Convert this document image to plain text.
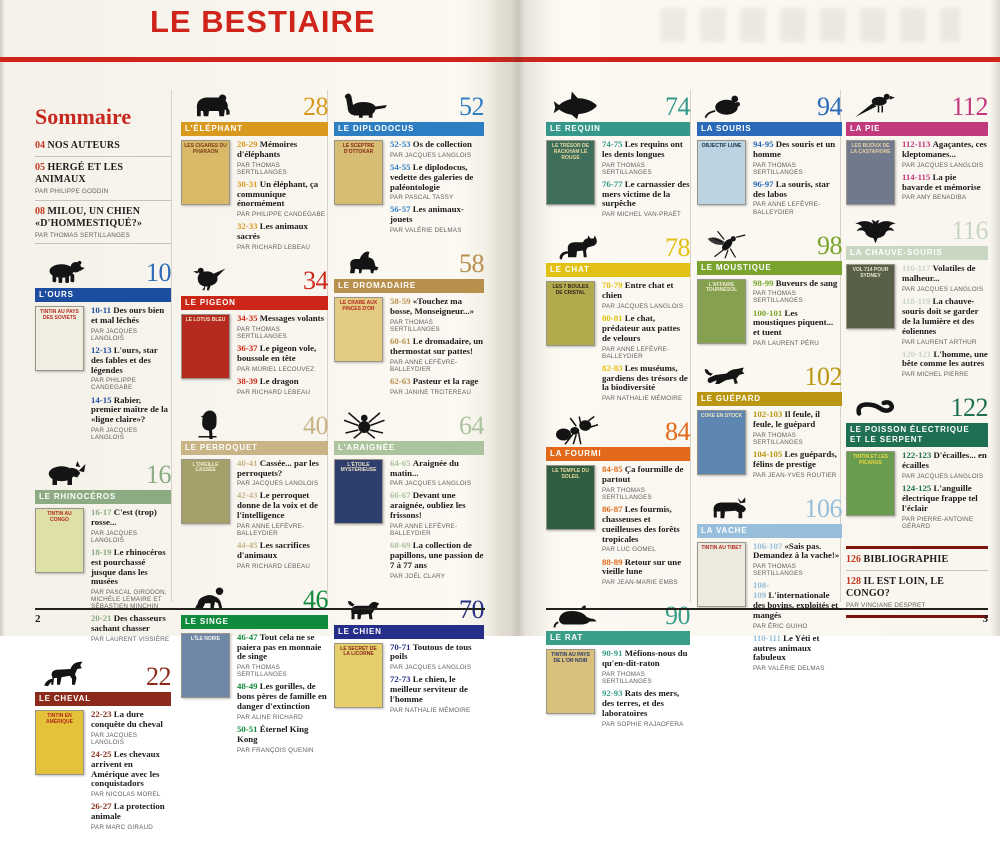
LE BESTIAIRE
Sommaire
04 NOS AUTEURS
05 HERGÉ ET LES ANIMAUX
PAR PHILIPPE GODDIN
08 MILOU, UN CHIEN «D'HOMMESTIQUÉ?»
PAR THOMAS SERTILLANGES
10
L'OURS
TINTIN AU PAYS DES SOVIETS
10-11 Des ours bien et mal léchés
PAR JACQUES LANGLOIS
12-13 L'ours, star des fables et des légendes
PAR PHILIPPE CANDEGABE
14-15 Rabier, premier maître de la «ligne claire»?
PAR JACQUES LANGLOIS
16
LE RHINOCÉROS
TINTIN AU CONGO
16-17 C'est (trop) rosse...
PAR JACQUES LANGLOIS
18-19 Le rhinocéros est pourchassé jusque dans les musées
PAR PASCAL GIRODON, MICHÈLE LEMAIRE ET SÉBASTIEN MINCHIN
20-21 Des chasseurs sachant chasser
PAR LAURENT VISSIÈRE
22
LE CHEVAL
TINTIN EN AMÉRIQUE
22-23 La dure conquête du cheval
PAR JACQUES LANGLOIS
24-25 Les chevaux arrivent en Amérique avec les conquistadors
PAR NICOLAS MOREL
26-27 La protection animale
PAR MARC GIRAUD
28
L'ÉLÉPHANT
LES CIGARES DU PHARAON
28-29 Mémoires d'éléphants
PAR THOMAS SERTILLANGES
30-31 Un éléphant, ça communique énormément
PAR PHILIPPE CANDEGABE
32-33 Les animaux sacrés
PAR RICHARD LEBEAU
34
LE PIGEON
LE LOTUS BLEU 34-35 Messages volants
PAR THOMAS SERTILLANGES
36-37 Le pigeon vole, boussole en tête
PAR MURIEL LECOUVEZ
38-39 Le dragon
PAR RICHARD LEBEAU
40
LE PERROQUET
L'OREILLE CASSÉE
40-41 Cassée... par les perroquets?
PAR JACQUES LANGLOIS
42-43 Le perroquet donne de la voix et de l'intelligence
PAR ANNE LEFÈVRE-BALLEYDIER
44-45 Les sacrifices d'animaux
PAR RICHARD LEBEAU
46
LE SINGE
L'ÎLE NOIRE 46-47 Tout cela ne se paiera pas en monnaie de singe
PAR THOMAS SERTILLANGES
48-49 Les gorilles, de bons pères de famille en danger d'extinction
PAR ALINE RICHARD
50-51 Éternel King Kong
PAR FRANÇOIS QUENIN
52
LE DIPLODOCUS
LE SCEPTRE D'OTTOKAR
52-53 Os de collection
PAR JACQUES LANGLOIS
54-55 Le diplodocus, vedette des galeries de paléontologie
PAR PASCAL TASSY
56-57 Les animaux-jouets
PAR VALÉRIE DELMAS
58
LE DROMADAIRE
LE CRABE AUX PINCES D'OR
58-59 «Touchez ma bosse, Monseigneur...»
PAR THOMAS SERTILLANGES
60-61 Le dromadaire, un thermostat sur pattes!
PAR ANNE LEFÈVRE-BALLEYDIER
62-63 Pasteur et la rage
PAR JANINE TROTEREAU
64
L'ARAIGNÉE
L'ÉTOILE MYSTÉRIEUSE
64-65 Araignée du matin...
PAR JACQUES LANGLOIS
66-67 Devant une araignée, oubliez les frissons!
PAR ANNE LEFÈVRE-BALLEYDIER
68-69 La collection de papillons, une passion de 7 à 77 ans
PAR JOËL CLARY
70
LE CHIEN
LE SECRET DE LA LICORNE
70-71 Toutous de tous poils
PAR JACQUES LANGLOIS
72-73 Le chien, le meilleur serviteur de l'homme
PAR NATHALIE MÉMOIRE
74
LE REQUIN
LE TRÉSOR DE RACKHAM LE ROUGE
74-75 Les requins ont les dents longues
PAR THOMAS SERTILLANGES
76-77 Le carnassier des mers victime de la surpêche
PAR MICHEL VAN-PRAËT
78
LE CHAT
LES 7 BOULES DE CRISTAL
78-79 Entre chat et chien
PAR JACQUES LANGLOIS
80-81 Le chat, prédateur aux pattes de velours
PAR ANNE LEFÈVRE-BALLEYDIER
82-83 Les muséums, gardiens des trésors de la biodiversité
PAR NATHALIE MÉMOIRE
84
LA FOURMI
LE TEMPLE DU SOLEIL
84-85 Ça fourmille de partout
PAR THOMAS SERTILLANGES
86-87 Les fourmis, chasseuses et cueilleuses des forêts tropicales
PAR LUC GOMEL
88-89 Retour sur une vieille lune
PAR JEAN-MARIE EMBS
90
LE RAT
TINTIN AU PAYS DE L'OR NOIR
90-91 Méfions-nous du qu'en-dit-raton
PAR THOMAS SERTILLANGES
92-93 Rats des mers, des terres, et des laboratoires
PAR SOPHIE RAJAOFERA
94
LA SOURIS
OBJECTIF LUNE 94-95 Des souris et un homme
PAR THOMAS SERTILLANGES
96-97 La souris, star des labos
PAR ANNE LEFÈVRE-BALLEYDIER
98
LE MOUSTIQUE
L'AFFAIRE TOURNESOL
98-99 Buveurs de sang
PAR THOMAS SERTILLANGES
100-101 Les moustiques piquent... et tuent
PAR LAURENT PÉRU
102
LE GUÉPARD
COKE EN STOCK 102-103 Il feule, il feule, le guépard
PAR THOMAS SERTILLANGES
104-105 Les guépards, félins de prestige
PAR JEAN-YVES ROUTIER
106
LA VACHE
TINTIN AU TIBET 106-107 «Sais pas. Demandez à la vache!»
PAR THOMAS SERTILLANGES
108-109 L'internationale des bovins, exploités et mangés
PAR ÉRIC GUIHO
110-111 Le Yéti et autres animaux fabuleux
PAR VALÉRIE DELMAS
112
LA PIE
LES BIJOUX DE LA CASTAFIORE
112-113 Agaçantes, ces kleptomanes...
PAR JACQUES LANGLOIS
114-115 La pie bavarde et mémorise
PAR AMY BENADIBA
116
LA CHAUVE-SOURIS
VOL 714 POUR SYDNEY
116-117 Volatiles de malheur...
PAR JACQUES LANGLOIS
118-119 La chauve-souris doit se garder de la lumière et des éoliennes
PAR LAURENT ARTHUR
120-121 L'homme, une bête comme les autres
PAR MICHEL PIERRE
122
LE POISSON ÉLECTRIQUE ET LE SERPENT
TINTIN ET LES PICAROS
122-123 D'écailles... en écailles
PAR JACQUES LANGLOIS
124-125 L'anguille électrique frappe tel l'éclair
PAR PIERRE-ANTOINE GÉRARD
126 BIBLIOGRAPHIE
128 IL EST LOIN, LE CONGO?
PAR VINCIANE DESPRET
2	3
